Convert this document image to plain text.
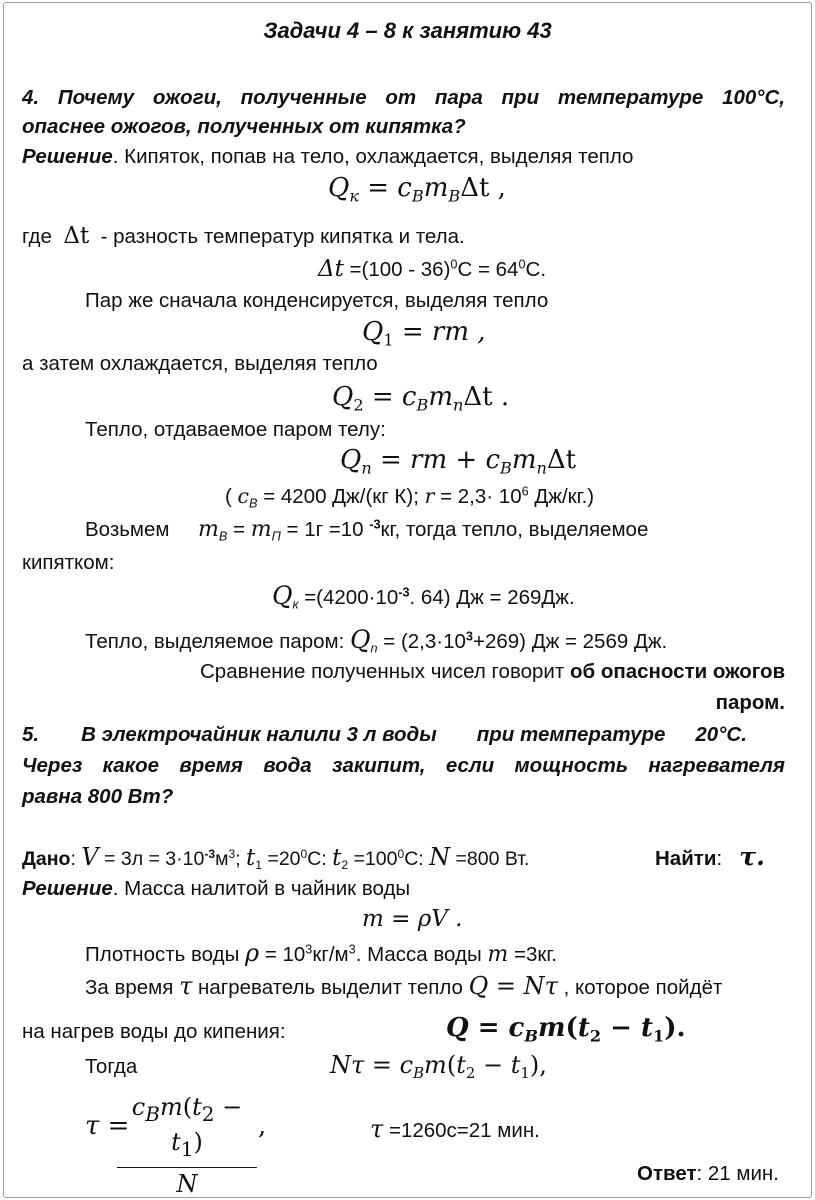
Задачи 4 – 8 к занятию 43
4. Почему ожоги, полученные от пара при температуре 100°С,
опаснее ожогов, полученных от кипятка?
Решение. Кипяток, попав на тело, охлаждается, выделяя тепло
$Q_к = c_Bm_B\Delta t$ ,
где Δt - разность температур кипятка и тела.
$\Delta t =(100 - 36)^0С = 64^0С$.
Пар же сначала конденсируется, выделяя тепло
$Q_1$ = rm ,
а затем охлаждается, выделяя тепло
$Q_2 = c_Bm_n\Delta t$ .
Тепло, отдаваемое паром телу:
$Q_n$ = rm + $c_Bm_n\Delta t$
( $c_B = 4200$ Дж/(кг К); $r = 2,3\cdot 10^6$ Дж/кг.)
Возьмем $m_B = m_П = 1г =10$ $^{-3}$кг, тогда тепло, выделяемое
кипятком:
$Q_к =(4200\cdot 10^{-3}$. 64) Дж = 269Дж.
Тепло, выделяемое паром: $Q_n = (2,3\cdot 10^3+269)$ Дж = 2569 Дж.
Сравнение полученных чисел говорит об опасности ожогов
паром.
5. В электрочайник налили 3 л воды при температуре 20°С.
Через какое время вода закипит, если мощность нагревателя
равна 800 Вт?
Дано: $V = 3л = 3\cdot 10^{-3}м^3$; $t_1 =20^0С$: $t_2 =100^0С$: N =800 Вт.	Найти: τ.
Решение. Масса налитой в чайник воды
m = ρV .
Плотность воды $\rho = 10^3кг/м^3$. Масса воды m =3кг.
За время τ нагреватель выделит тепло Q = Nτ , которое пойдёт
на нагрев воды до кипения:	$Q = c_Bm(t_2 - t_1)$.
Тогда	$N\tau = c_Bm(t_2 - t_1)$,
τ =
$c_Bm(t_2 - t_1)$
N
,	τ =1260с=21 мин.
Ответ: 21 мин.
